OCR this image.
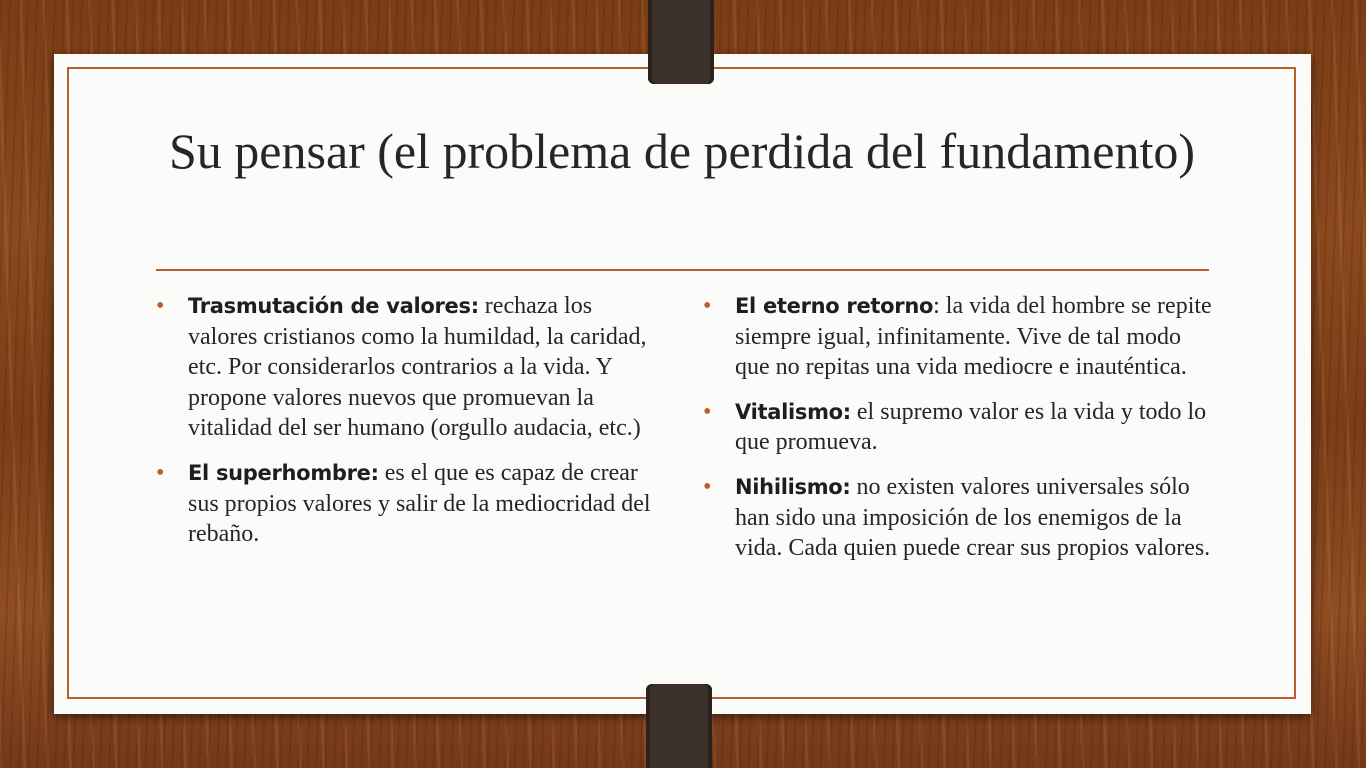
Su pensar (el problema de perdida del fundamento)
• Trasmutación de valores: rechaza los valores cristianos como la humildad, la caridad, etc. Por considerarlos contrarios a la vida. Y propone valores nuevos que promuevan la vitalidad del ser humano (orgullo audacia, etc.)
• El superhombre: es el que es capaz de crear sus propios valores y salir de la mediocridad del rebaño.
• El eterno retorno: la vida del hombre se repite siempre igual, infinitamente. Vive de tal modo que no repitas una vida mediocre e inauténtica.
• Vitalismo: el supremo valor es la vida y todo lo que promueva.
• Nihilismo: no existen valores universales sólo han sido una imposición de los enemigos de la vida. Cada quien puede crear sus propios valores.
